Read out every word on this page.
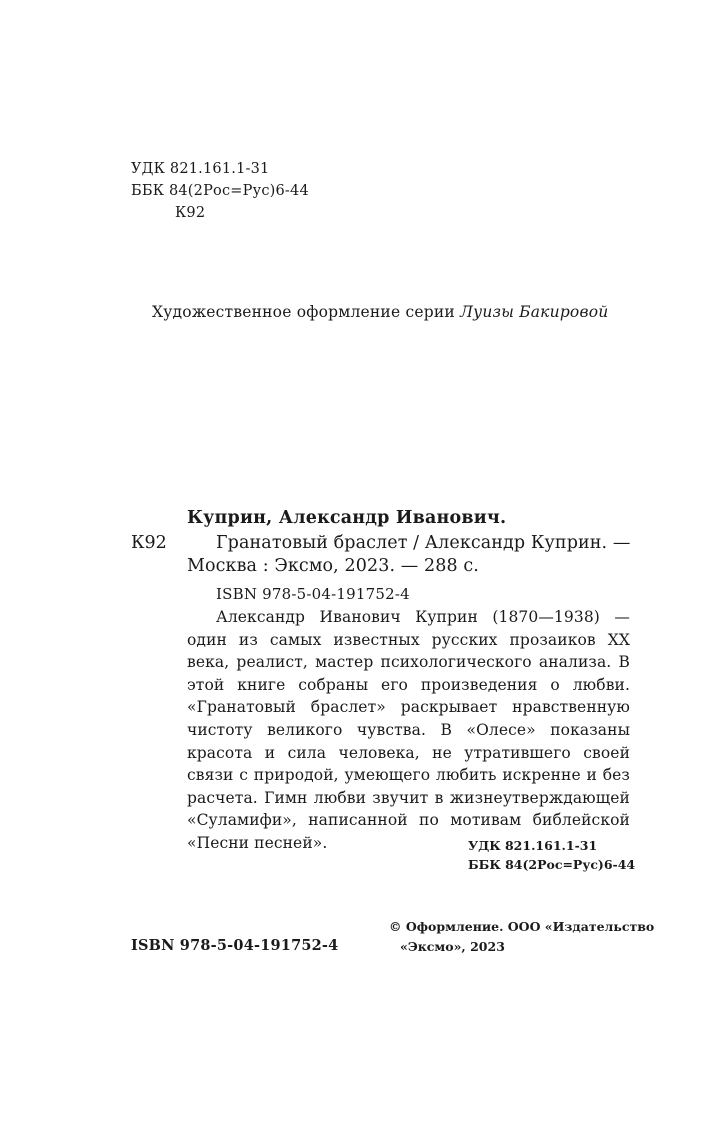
УДК 821.161.1-31
ББК 84(2Рос=Рус)6-44
К92
Художественное оформление серии Луизы Бакировой
Куприн, Александр Иванович.
К92	Гранатовый браслет / Александр Куприн. —
Москва : Эксмо, 2023. — 288 с.
ISBN 978-5-04-191752-4
Александр Иванович Куприн (1870—1938) — один из самых известных русских прозаиков XX века, реалист, мастер психологического анализа. В этой книге собраны его произведения о любви. «Гранатовый браслет» раскрывает нравственную чистоту великого чувства. В «Олесе» показаны красота и сила человека, не утратившего своей связи с природой, умеющего любить искренне и без расчета. Гимн любви звучит в жизнеутверждающей «Суламифи», написанной по мотивам библейской «Песни песней».	УДК 821.161.1-31
ББК 84(2Рос=Рус)6-44
© Оформление. ООО «Издательство
«Эксмо», 2023
ISBN 978-5-04-191752-4
